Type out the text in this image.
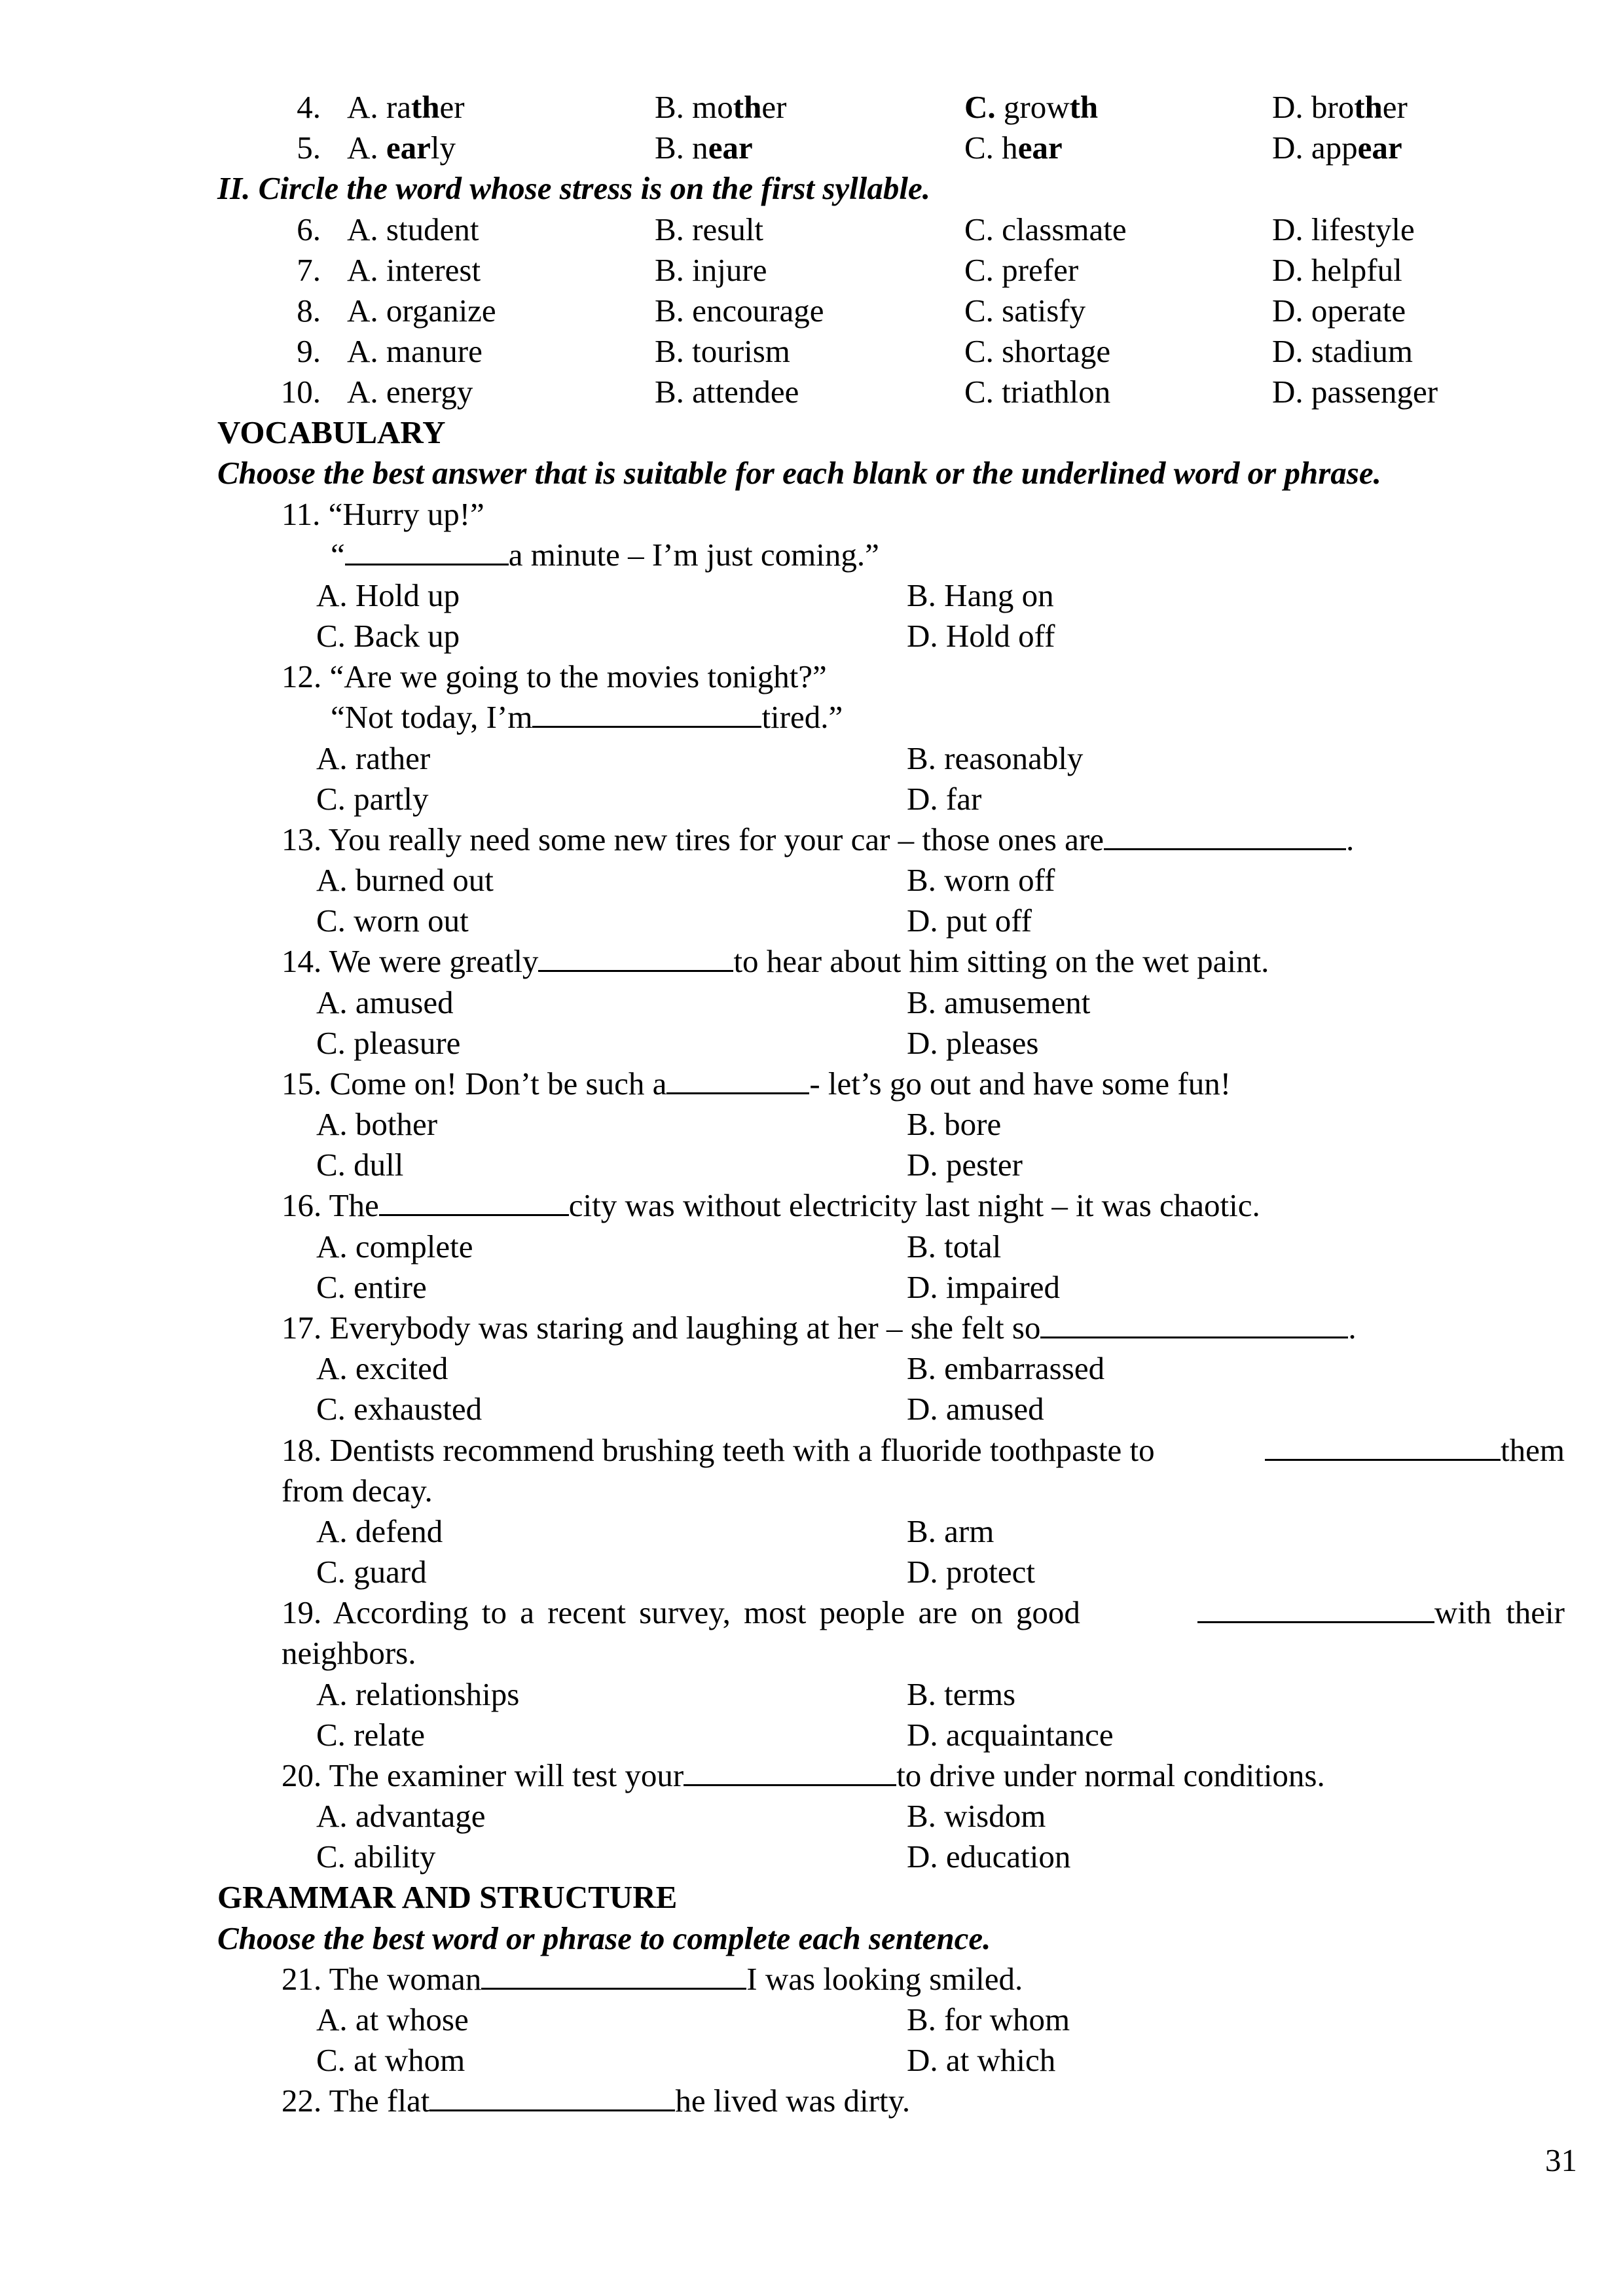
4. A. rather	B. mother	C. growth	D. brother
5. A. early	B. near	C. hear	D. appear
II. Circle the word whose stress is on the first syllable.
6. A. student	B. result	C. classmate	D. lifestyle
7. A. interest	B. injure	C. prefer	D. helpful
8. A. organize	B. encourage	C. satisfy	D. operate
9. A. manure	B. tourism	C. shortage	D. stadium
10. A. energy	B. attendee	C. triathlon	D. passenger
VOCABULARY
Choose the best answer that is suitable for each blank or the underlined word or phrase.
11. “Hurry up!”
“	a minute – I’m just coming.”
A. Hold up	B. Hang on
C. Back up	D. Hold off
12. “Are we going to the movies tonight?”
“Not today, I’m	tired.”
A. rather	B. reasonably
C. partly	D. far
13. You really need some new tires for your car – those ones are	.
A. burned out	B. worn off
C. worn out	D. put off
14. We were greatly	to hear about him sitting on the wet paint.
A. amused	B. amusement
C. pleasure	D. pleases
15. Come on! Don’t be such a	- let’s go out and have some fun!
A. bother	B. bore
C. dull	D. pester
16. The	city was without electricity last night – it was chaotic.
A. complete	B. total
C. entire	D. impaired
17. Everybody was staring and laughing at her – she felt so	.
A. excited	B. embarrassed
C. exhausted	D. amused
18. Dentists recommend brushing teeth with a fluoride toothpaste to	them
from decay.
A. defend	B. arm
C. guard	D. protect
19. According to a recent survey, most people are on good	with their
neighbors.
A. relationships	B. terms
C. relate	D. acquaintance
20. The examiner will test your	to drive under normal conditions.
A. advantage	B. wisdom
C. ability	D. education
GRAMMAR AND STRUCTURE
Choose the best word or phrase to complete each sentence.
21. The woman	I was looking smiled.
A. at whose	B. for whom
C. at whom	D. at which
22. The flat	he lived was dirty.
31
